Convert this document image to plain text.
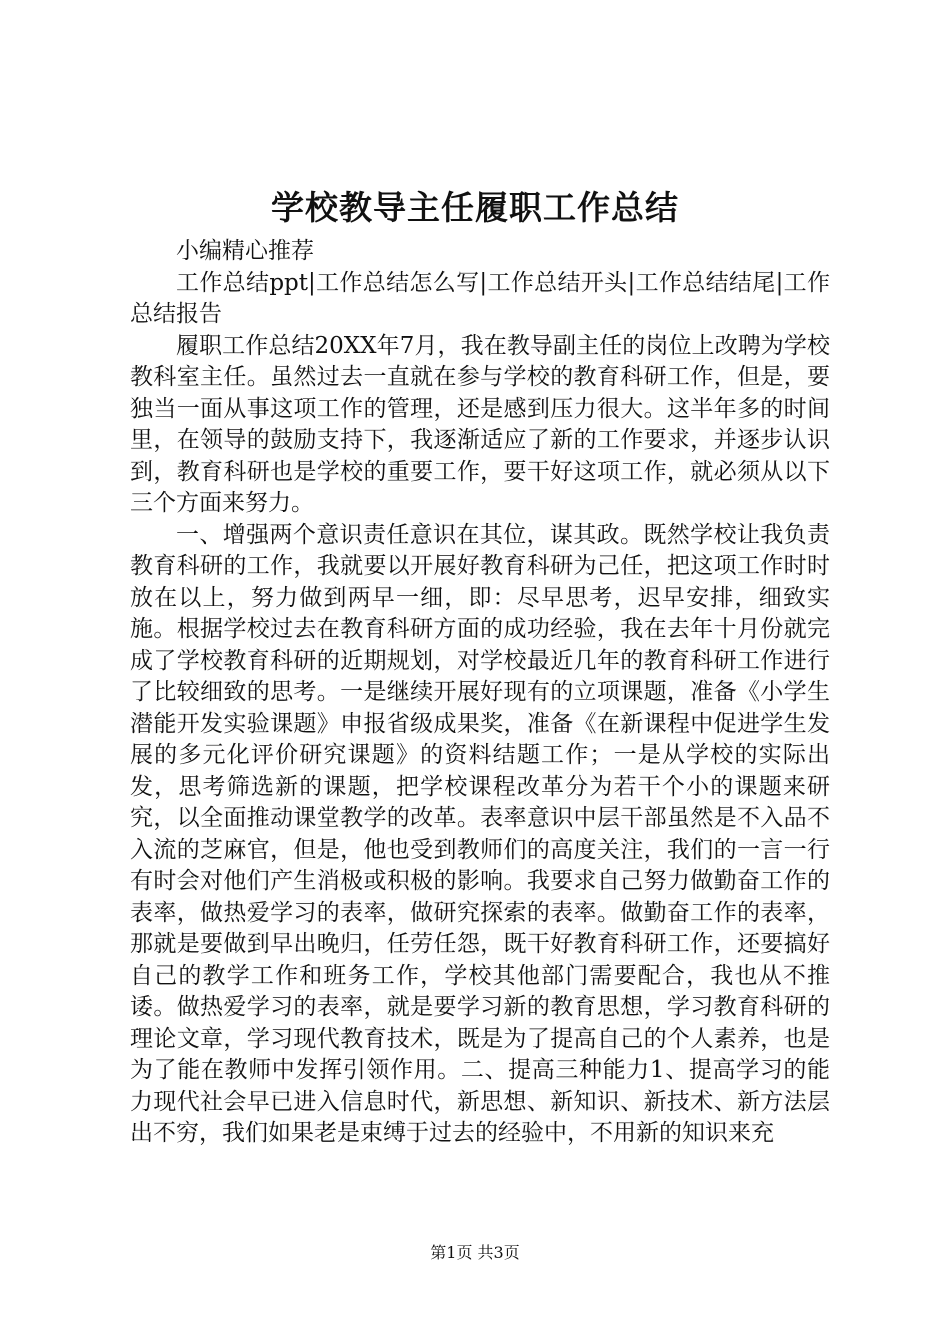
学校教导主任履职工作总结

小编精心推荐

工作总结ppt|工作总结怎么写|工作总结开头|工作总结结尾|工作总结报告

履职工作总结20XX年7月，我在教导副主任的岗位上改聘为学校教科室主任。虽然过去一直就在参与学校的教育科研工作，但是，要独当一面从事这项工作的管理，还是感到压力很大。这半年多的时间里，在领导的鼓励支持下，我逐渐适应了新的工作要求，并逐步认识到，教育科研也是学校的重要工作，要干好这项工作，就必须从以下三个方面来努力。

一、增强两个意识责任意识在其位，谋其政。既然学校让我负责教育科研的工作，我就要以开展好教育科研为己任，把这项工作时时放在以上，努力做到两早一细，即：尽早思考，迟早安排，细致实施。根据学校过去在教育科研方面的成功经验，我在去年十月份就完成了学校教育科研的近期规划，对学校最近几年的教育科研工作进行了比较细致的思考。一是继续开展好现有的立项课题，准备《小学生潜能开发实验课题》申报省级成果奖，准备《在新课程中促进学生发展的多元化评价研究课题》的资料结题工作；一是从学校的实际出发，思考筛选新的课题，把学校课程改革分为若干个小的课题来研究，以全面推动课堂教学的改革。表率意识中层干部虽然是不入品不入流的芝麻官，但是，他也受到教师们的高度关注，我们的一言一行有时会对他们产生消极或积极的影响。我要求自己努力做勤奋工作的表率，做热爱学习的表率，做研究探索的表率。做勤奋工作的表率，那就是要做到早出晚归，任劳任怨，既干好教育科研工作，还要搞好自己的教学工作和班务工作，学校其他部门需要配合，我也从不推诿。做热爱学习的表率，就是要学习新的教育思想，学习教育科研的理论文章，学习现代教育技术，既是为了提高自己的个人素养，也是为了能在教师中发挥引领作用。二、提高三种能力1、提高学习的能力现代社会早已进入信息时代，新思想、新知识、新技术、新方法层出不穷，我们如果老是束缚于过去的经验中，不用新的知识来充

第1页 共3页
